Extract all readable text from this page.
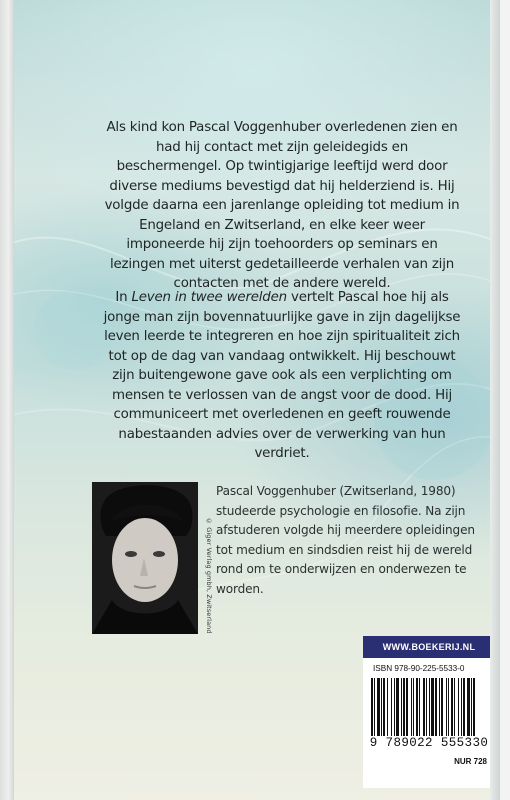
Als kind kon Pascal Voggenhuber overledenen zien en had hij contact met zijn geleidegids en beschermengel. Op twintigjarige leeftijd werd door diverse mediums bevestigd dat hij helderziend is. Hij volgde daarna een jarenlange opleiding tot medium in Engeland en Zwitserland, en elke keer weer imponeerde hij zijn toehoorders op seminars en lezingen met uiterst gedetailleerde verhalen van zijn contacten met de andere wereld.
In Leven in twee werelden vertelt Pascal hoe hij als jonge man zijn bovennatuurlijke gave in zijn dagelijkse leven leerde te integreren en hoe zijn spiritualiteit zich tot op de dag van vandaag ontwikkelt. Hij beschouwt zijn buitengewone gave ook als een verplichting om mensen te verlossen van de angst voor de dood. Hij communiceert met overledenen en geeft rouwende nabestaanden advies over de verwerking van hun verdriet.
© Giger Verlag gmbh, Zwitserland
Pascal Voggenhuber (Zwitserland, 1980) studeerde psychologie en filosofie. Na zijn afstuderen volgde hij meerdere opleidingen tot medium en sindsdien reist hij de wereld rond om te onderwijzen en onderwezen te worden.
WWW.BOEKERIJ.NL
ISBN 978-90-225-5533-0
9 789022 555330
NUR 728
